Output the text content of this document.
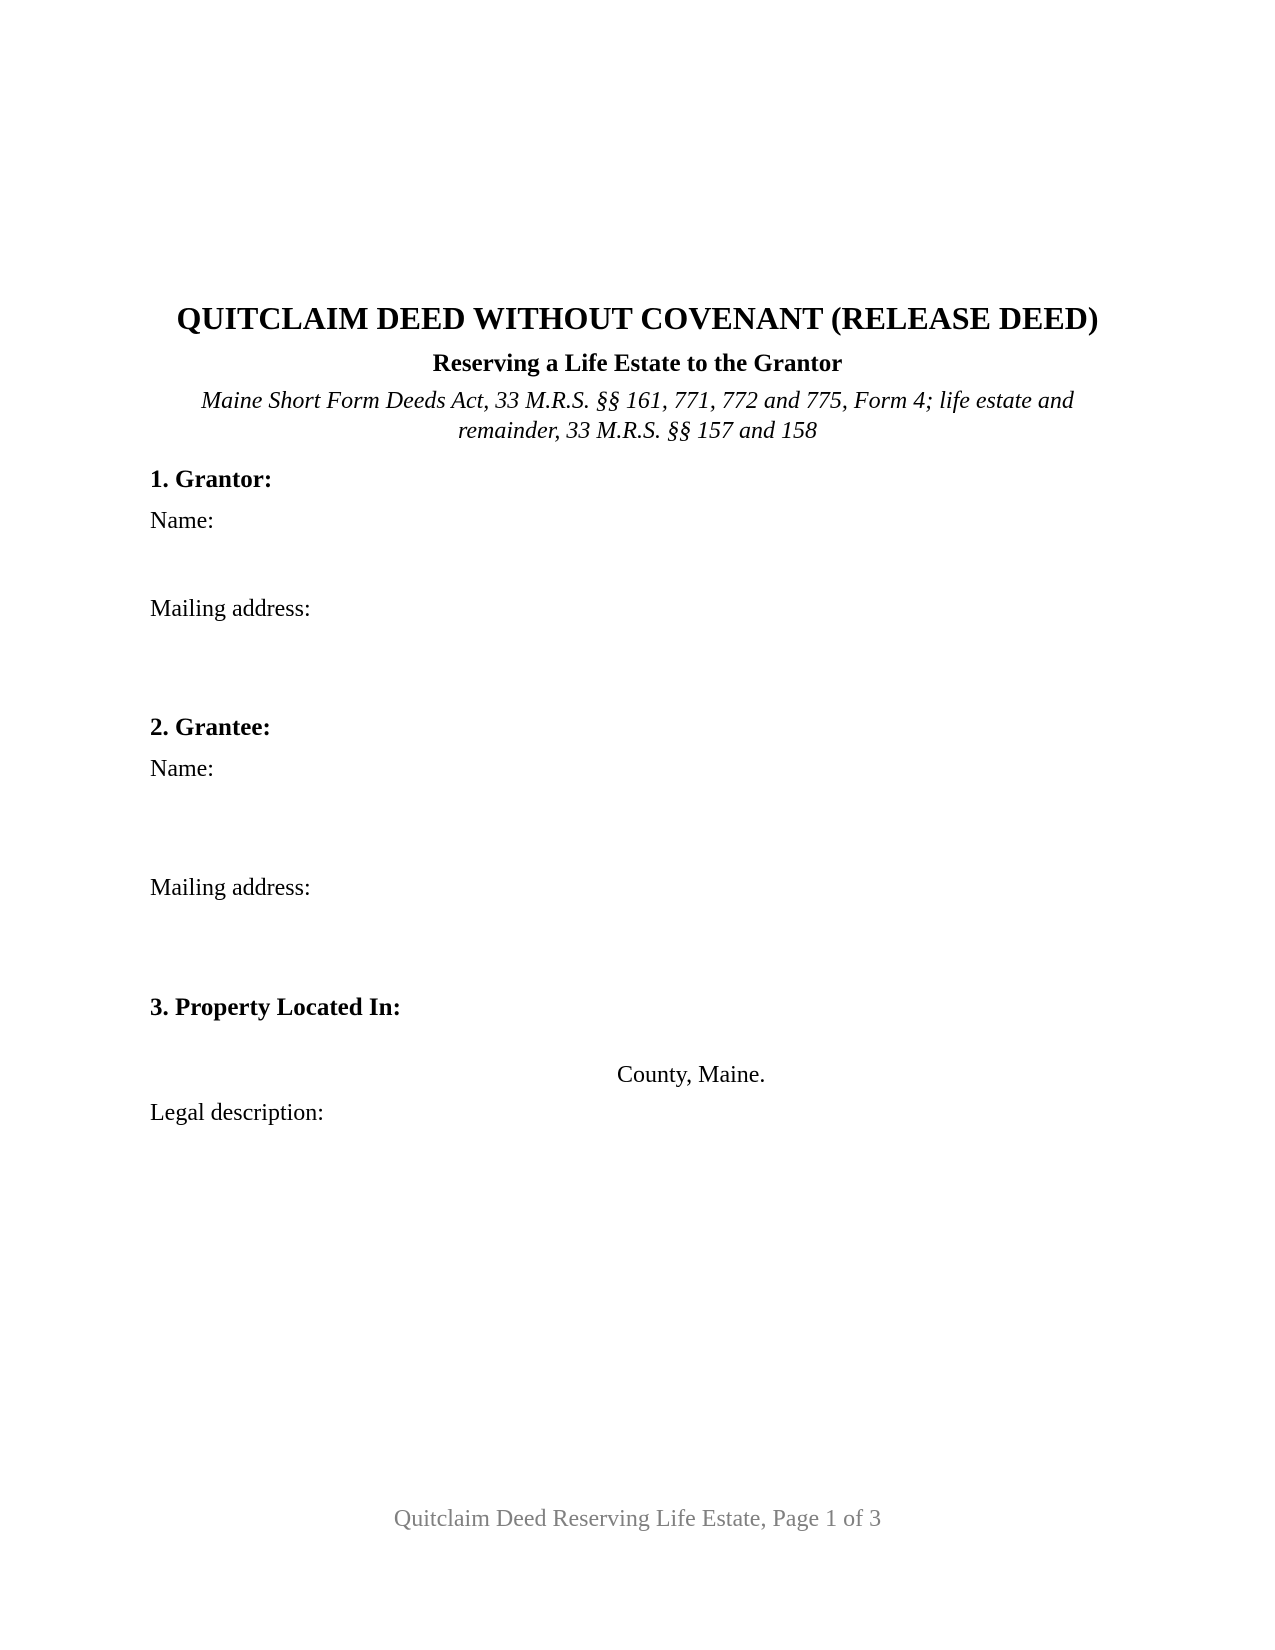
QUITCLAIM DEED WITHOUT COVENANT (RELEASE DEED)
Reserving a Life Estate to the Grantor
Maine Short Form Deeds Act, 33 M.R.S. §§ 161, 771, 772 and 775, Form 4; life estate and remainder, 33 M.R.S. §§ 157 and 158
1. Grantor:
Name:
Mailing address:
2. Grantee:
Name:
Mailing address:
3. Property Located In:
County, Maine.
Legal description:
Quitclaim Deed Reserving Life Estate, Page 1 of 3
